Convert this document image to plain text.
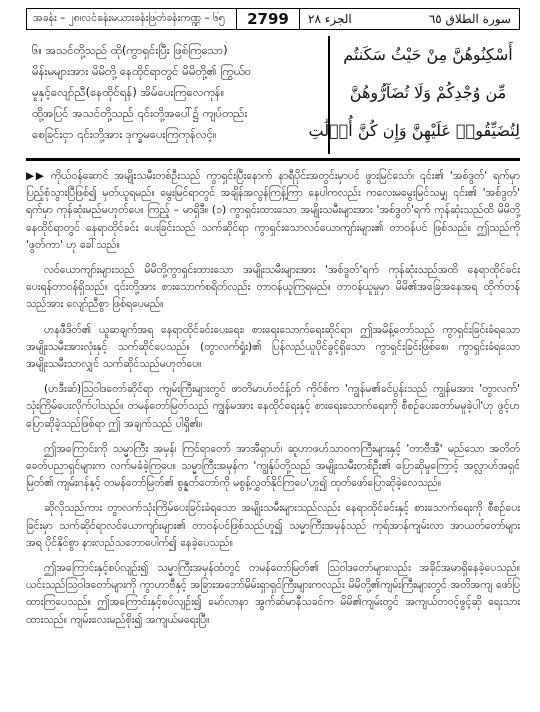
အခန်း – ၂၈၊လင်ခန်းမယားခန်းဖြတ်ခန်းကဏ္ဍ – ၆၅	2799	سورة الطلاق ٦٥
الجزء ٢٨

၆။ အသင်တို့သည် ထို(ကွာရှင်းပြီး ဖြစ်ကြသော)

မိန်းမများအား မိမိတို့ နေထိုင်ရာတွင် မိမိတို့၏ ကြွယ်ဝ

မှုနှင့်လျော်ညီ(နေထိုင်ရန်) အိမ်ပေးကြလေကုန်။

ထို့အပြင် အသင်တို့သည် ၎င်းတို့အပေါ်၌ ကျပ်တည်း

စေခြင်းငှာ ၎င်းတို့အား ဒုက္ခမပေးကြကုန်လင့်။

أَسْكِنُوهُنَّ مِنْ حَيْثُ سَكَنتُم
مِّن وُجْدِكُمْ وَلَا تُضَآرُّوهُنَّ
لِتُضَيِّقُوا۟ عَلَيْهِنَّ وَإِن كُنَّ أُو۟لَٰتِ

▶▶ ကိုယ်ဝန်ဆောင် အမျိုးသမီးတစ်ဦးသည် ကွာရှင်းပြီးနောက် နာရီပိုင်းအတွင်းမှာပင် ဖွားမြင်သော်၊ ၎င်း၏ 'အစ်ဒွတ်' ရက်မှာ ပြည့်စုံသွားပြီဖြစ်၍ မှတ်ယူရမည်။ မွေးမြင်ရာတွင် အချိန်အလွန်ကြန့်ကြာ နေပါကလည်း ကလေးမမွေးမြင်သမျှ ၎င်း၏ 'အစ်ဒွတ်' ရက်မှာ ကုန်ဆုံးမည်မဟုတ်ပေ။ ကြည့် – မာရှိဒီ။ (၁) ကွာရှင်းထားသော အမျိုးသမီးများအား 'အစ်ဒွတ်'ရက် ကုန်ဆုံးသည်ထိ မိမိတို့ နေထိုင်ရာတွင် နေရာထိုင်ခင်း ပေးခြင်းသည် သက်ဆိုင်ရာ ကွာရှင်းသောလင်ယောကျာ်းများ၏ တာဝန်ပင် ဖြစ်သည်။ ဤသည်ကို 'ဖွတ်ကာ' ဟု ခေါ်သည်။

လင်ယောကျာ်းများသည် မိမိတို့ကွာရှင်းထားသော အမျိုးသမီးများအား 'အစ်ဒွတ်'ရက် ကုန်ဆုံးသည်အထိ နေရာထိုင်ခင်း ပေးရန်တာဝန်ရှိသည်။ ၎င်းတို့အား စားသောက်စရိတ်လည်း တာဝန်ယူကြရမည်။ တာဝန်ယူမှုမှာ မိမိ၏အခြေအနေအရ ထိုက်တန်သည်အား လျော်ညီစွာ ဖြစ်ရပေမည်။

ဟနဖီဒိတ်၏ ယူဆချက်အရ နေရာထိုင်ခင်းပေးရေး၊ စားရေးသောက်ရေးဆိုင်ရာ၊ ဤအမိန့်တော်သည် ကွာရှင်းခြင်းခံရသော အမျိုးသမီးအားလုံးနှင့် သက်ဆိုင်ပေသည်။ (တွာလက်ရှုံး)၏ ပြန်လည်ယူပိုင်ခွင့်ရှိသော ကွာရှင်းခြင်းဖြစ်စေ၊ ကွာရှင်းခံရသော အမျိုးသမီးသာလျှင် သက်ဆိုင်သည်မဟုတ်ပေ။

(ဟဒီးဆ်)သြဝါဒတော်ဆိုင်ရာ ကျမ်းကြီးများတွင် ဖာတိမာဟ်ဗင်န့်တ် ကိုဝ်စ်က 'ကျွန်မ၏ခင်ပွန်းသည် ကျွန်မအား 'တွာလက်' သုံးကြိမ်ပေးလိုက်ပါသည်။ တမန်တော်မြတ်သည် ကျွန်မအား နေထိုင်ရေးနှင့် စားရေးသောက်ရေးကို စီစဉ်ပေးတော်မမူခဲ့ပါ'ဟု ဖွင့်ဟပြောဆိုခဲ့သည်ဖြစ်ရာ ဤ အချက်သည် ပါရှိ၏။

ဤအကြောင်းကို သမ္မာကြီး အမှန်၊ ကြင်ရာတော် အာအီရှာဟ်၊ ဆူဟာဖဟ်သာဝကကြီးများနှင့် 'တာဗီအီ' မည်သော အတိတ်ခေတ်ပညာရှင်များက လက်မခံခဲ့ကြပေ။ သမ္မာကြီးအမှန်က 'ကျွန်ုပ်တို့သည် အမျိုးသမီးတစ်ဦး၏ ပြောဆိုမှုကြောင့် အလ္လာဟ်အရှင်မြတ်၏ ကျမ်းဂန်နှင့် တမန်တော်မြတ်၏ စွန္နတ်တော်ကို မစွန့်လွှတ်နိုင်ကြပေ'ဟူ၍ ထုတ်ဖော်ပြောဆိုခဲ့လေသည်။

ဆိုလိုသည်ကား တွာလက်သုံးကြိမ်ပေးခြင်းခံရသော အမျိုးသမီးများသည်လည်း နေရာထိုင်ခင်းနှင့် စားသောက်ရေးကို စီစဉ်ပေးခြင်းမှာ သက်ဆိုင်ရာလင်ယောကျာ်းများ၏ တာဝန်ပင်ဖြစ်သည်ဟူ၍ သမ္မာကြီးအမှန်သည် ကုရ်အာန်ကျမ်းလာ အာယတ်တော်များအရ ပိုင်နိုင်စွာ နားလည်သဘောပေါက်၍ နေခဲ့ပေသည်။

ဤအကြောင်းနှင့်စပ်လျဉ်း၍ သမ္မာကြီးအမှန်ထံတွင် တမန်တော်မြတ်၏ သြဝါဒတော်များလည်း အခိုင်အမာရှိနေခဲ့ပေသည်။ ယင်းသည်သြဝါဒတော်များကို ကွာဟာဗီနှင့် အခြားအဘော်မိမ်းရှာရှင်ကြီးများကလည်း မိမိတို့၏ကျမ်းကြီးများတွင် အတိအကျ ဖော်ပြထားကြပေသည်။ ဤအကြောင်းနှင့်စပ်လျဉ်း၍ မော်လာနာ အွက်ဆ်မာနီသခင်က မိမိ၏ကျမ်းတွင် အကျယ်တဝင့်ဖွင့်ဆို ရေးသားထားသည်။ ကျမ်းလေးမည်စိုး၍ အကျယ်မရေးပြီ။
